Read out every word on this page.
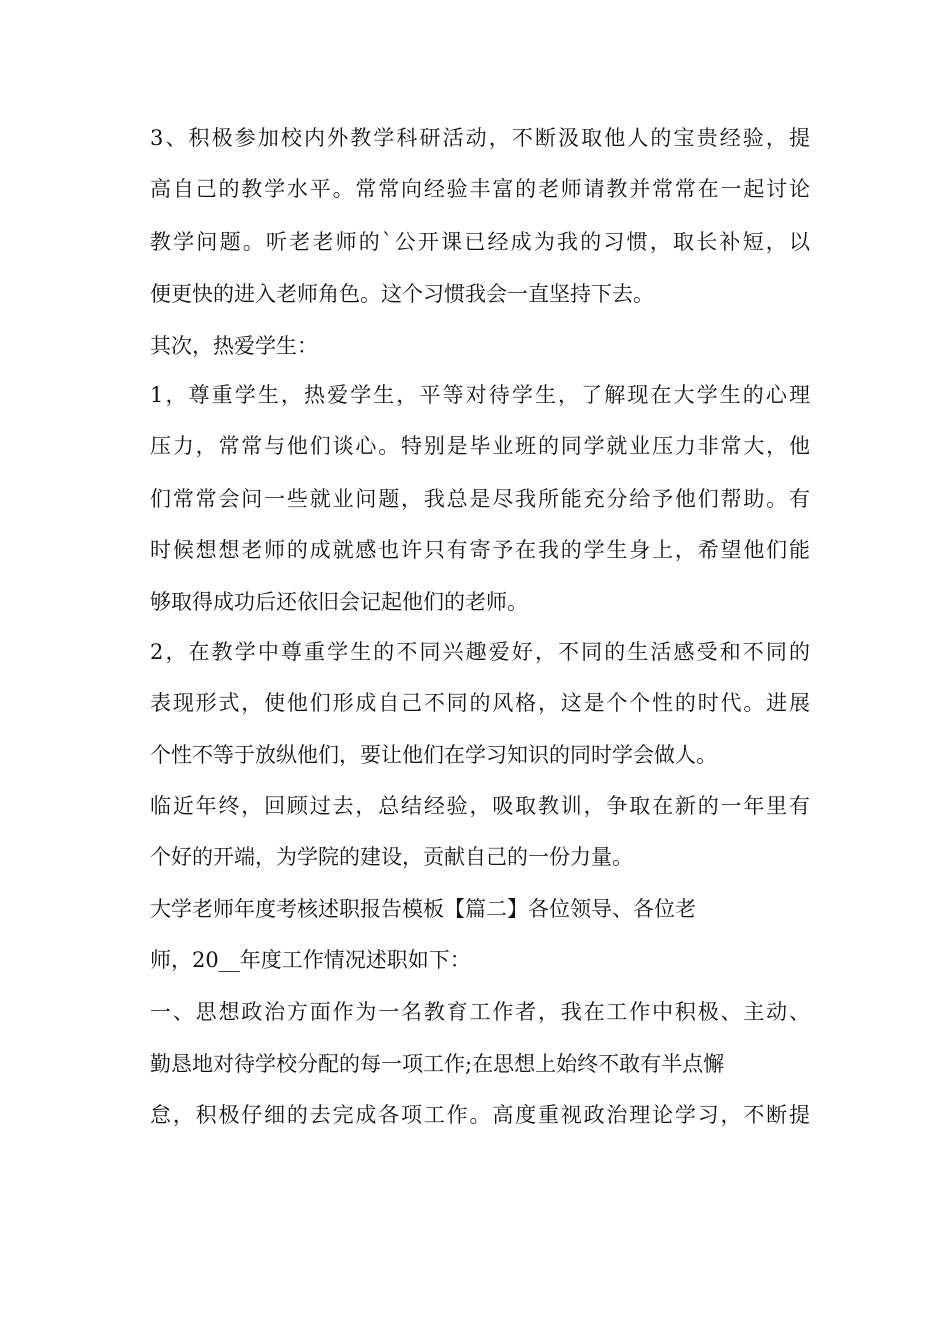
3、积极参加校内外教学科研活动，不断汲取他人的宝贵经验，提
高自己的教学水平。常常向经验丰富的老师请教并常常在一起讨论
教学问题。听老老师的`公开课已经成为我的习惯，取长补短，以
便更快的进入老师角色。这个习惯我会一直坚持下去。
其次，热爱学生：
1，尊重学生，热爱学生，平等对待学生，了解现在大学生的心理
压力，常常与他们谈心。特别是毕业班的同学就业压力非常大，他
们常常会问一些就业问题，我总是尽我所能充分给予他们帮助。有
时候想想老师的成就感也许只有寄予在我的学生身上，希望他们能
够取得成功后还依旧会记起他们的老师。
2，在教学中尊重学生的不同兴趣爱好，不同的生活感受和不同的
表现形式，使他们形成自己不同的风格，这是个个性的时代。进展
个性不等于放纵他们，要让他们在学习知识的同时学会做人。
临近年终，回顾过去，总结经验，吸取教训，争取在新的一年里有
个好的开端，为学院的建设，贡献自己的一份力量。
大学老师年度考核述职报告模板【篇二】各位领导、各位老
师，20__年度工作情况述职如下：
一、思想政治方面作为一名教育工作者，我在工作中积极、主动、
勤恳地对待学校分配的每一项工作;在思想上始终不敢有半点懈
怠，积极仔细的去完成各项工作。高度重视政治理论学习，不断提
